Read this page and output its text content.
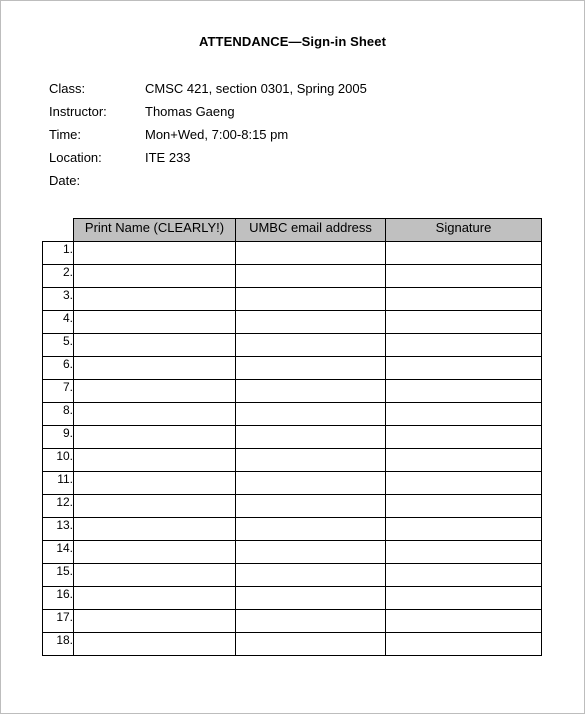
ATTENDANCE—Sign-in Sheet
Class:	CMSC 421, section 0301, Spring 2005
Instructor:	Thomas Gaeng
Time:	Mon+Wed, 7:00-8:15 pm
Location:	ITE 233
Date:
	Print Name (CLEARLY!)	UMBC email address	Signature
1.			
2.			
3.			
4.			
5.			
6.			
7.			
8.			
9.			
10.			
11.			
12.			
13.			
14.			
15.			
16.			
17.			
18.			
